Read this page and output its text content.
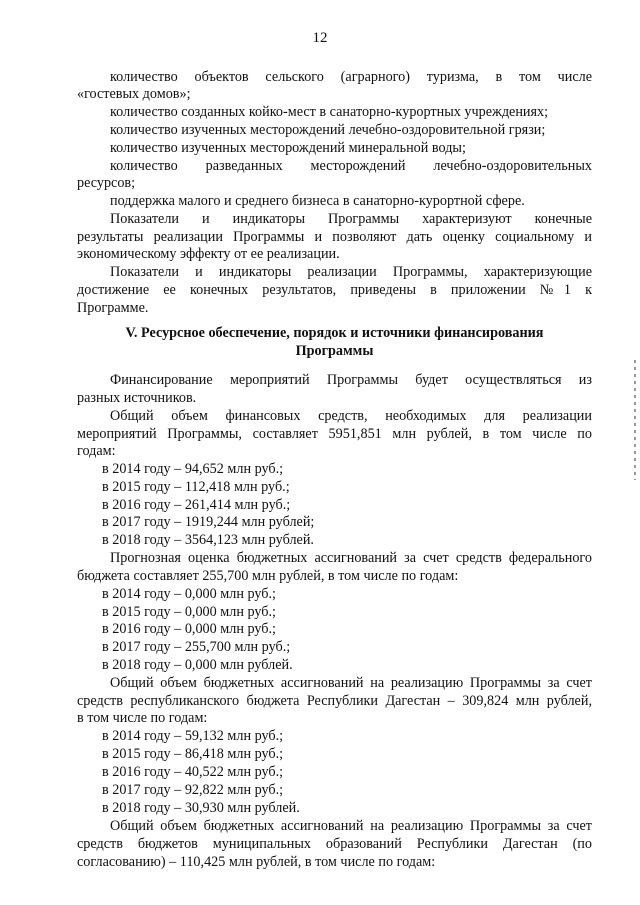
12
количество объектов сельского (аграрного) туризма, в том числе
«гостевых домов»;
количество созданных койко-мест в санаторно-курортных учреждениях;
количество изученных месторождений лечебно-оздоровительной грязи;
количество изученных месторождений минеральной воды;
количество разведанных месторождений лечебно-оздоровительных
ресурсов;
поддержка малого и среднего бизнеса в санаторно-курортной сфере.
Показатели и индикаторы Программы характеризуют конечные
результаты реализации Программы и позволяют дать оценку социальному и
экономическому эффекту от ее реализации.
Показатели и индикаторы реализации Программы, характеризующие
достижение ее конечных результатов, приведены в приложении №1 к
Программе.
V. Ресурсное обеспечение, порядок и источники финансирования
Программы
Финансирование мероприятий Программы будет осуществляться из
разных источников.
Общий объем финансовых средств, необходимых для реализации
мероприятий Программы, составляет 5951,851 млн рублей, в том числе по
годам:
в 2014 году – 94,652 млн руб.;
в 2015 году – 112,418 млн руб.;
в 2016 году – 261,414 млн руб.;
в 2017 году – 1919,244 млн рублей;
в 2018 году – 3564,123 млн рублей.
Прогнозная оценка бюджетных ассигнований за счет средств федерального
бюджета составляет 255,700 млн рублей, в том числе по годам:
в 2014 году – 0,000 млн руб.;
в 2015 году – 0,000 млн руб.;
в 2016 году – 0,000 млн руб.;
в 2017 году – 255,700 млн руб.;
в 2018 году – 0,000 млн рублей.
Общий объем бюджетных ассигнований на реализацию Программы за счет
средств республиканского бюджета Республики Дагестан – 309,824 млн рублей,
в том числе по годам:
в 2014 году – 59,132 млн руб.;
в 2015 году – 86,418 млн руб.;
в 2016 году – 40,522 млн руб.;
в 2017 году – 92,822 млн руб.;
в 2018 году – 30,930 млн рублей.
Общий объем бюджетных ассигнований на реализацию Программы за счет
средств бюджетов муниципальных образований Республики Дагестан (по
согласованию) – 110,425 млн рублей, в том числе по годам:
